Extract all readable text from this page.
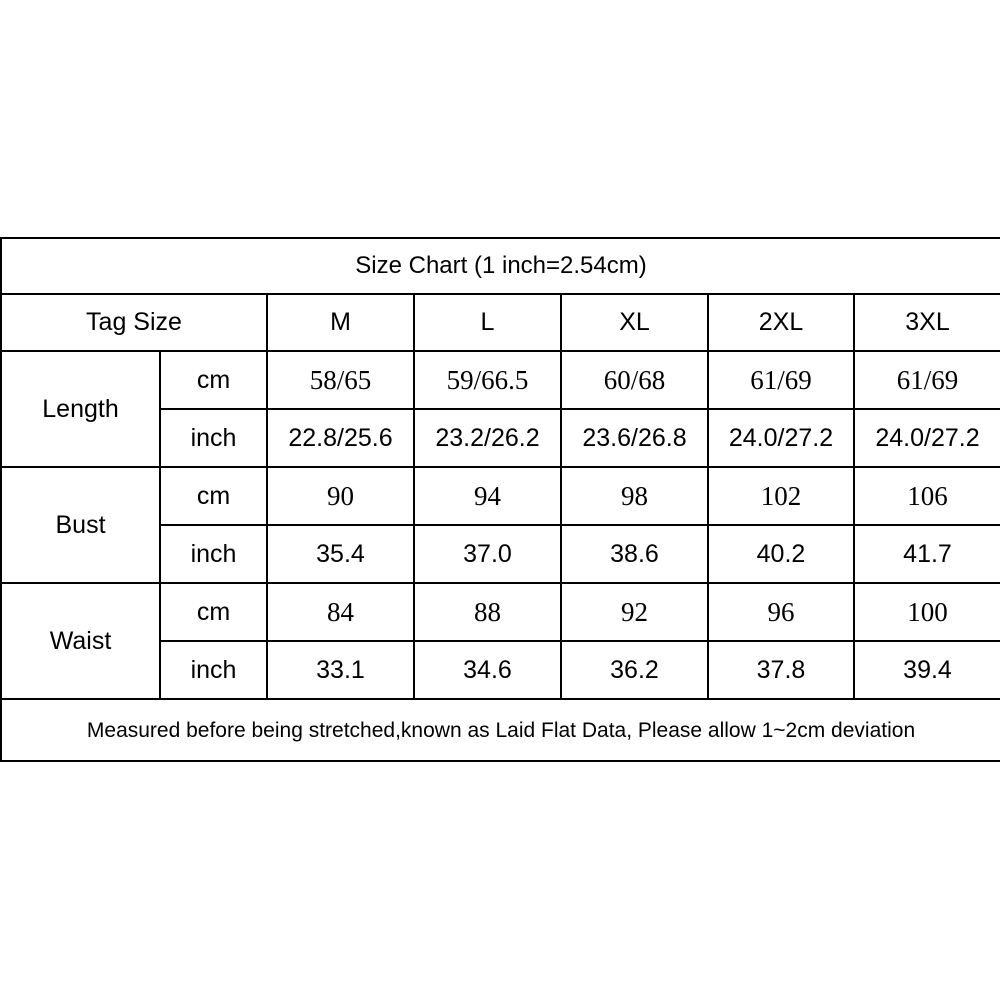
Size Chart (1 inch=2.54cm)						
Tag Size		M	L	XL	2XL	3XL
Length	cm	58/65	59/66.5	60/68	61/69	61/69
	inch	22.8/25.6	23.2/26.2	23.6/26.8	24.0/27.2	24.0/27.2
Bust	cm	90	94	98	102	106
	inch	35.4	37.0	38.6	40.2	41.7
Waist	cm	84	88	92	96	100
	inch	33.1	34.6	36.2	37.8	39.4
Measured before being stretched,known as Laid Flat Data, Please allow 1~2cm deviation						
